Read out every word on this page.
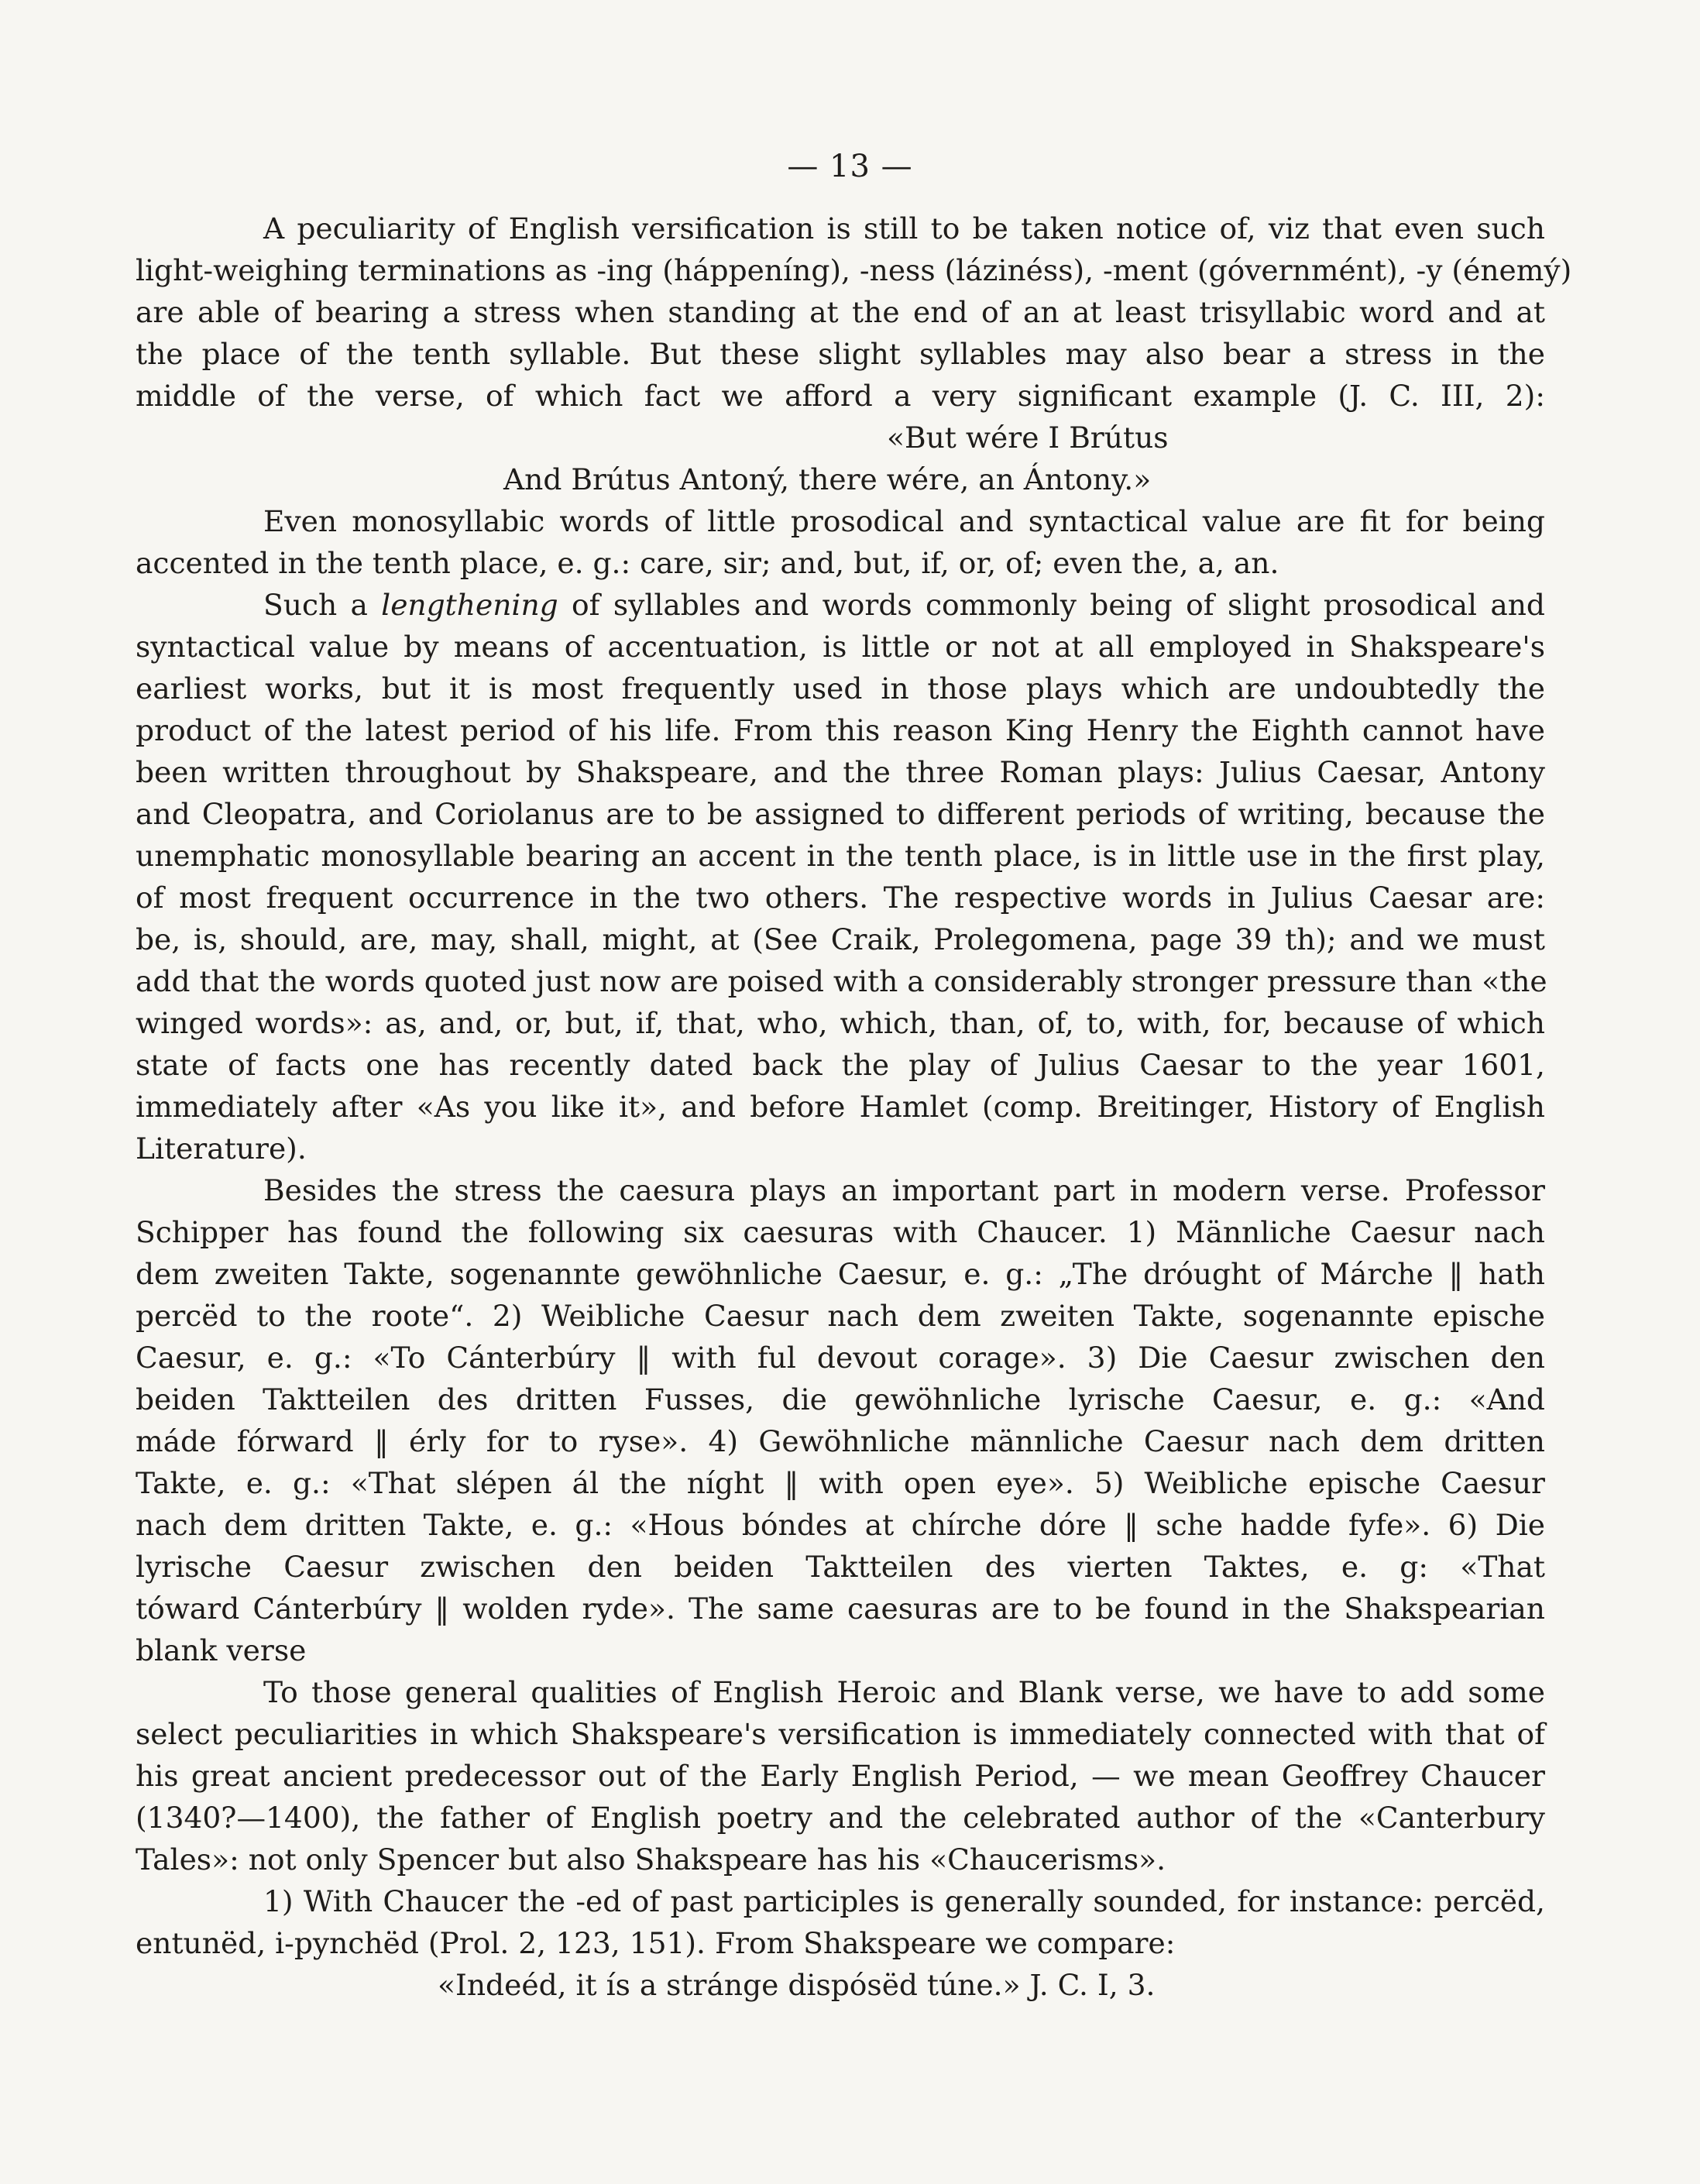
— 13 —
A peculiarity of English versification is still to be taken notice of, viz that even such
light-weighing terminations as -ing (háppeníng), -ness (lázinéss), -ment (góvernmént), -y (énemý)
are able of bearing a stress when standing at the end of an at least trisyllabic word and at
the place of the tenth syllable. But these slight syllables may also bear a stress in the
middle of the verse, of which fact we afford a very significant example (J. C. III, 2):
«But wére I Brútus
And Brútus Antoný, there wére, an Ántony.»
Even monosyllabic words of little prosodical and syntactical value are fit for being
accented in the tenth place, e. g.: care, sir; and, but, if, or, of; even the, a, an.
Such a lengthening of syllables and words commonly being of slight prosodical and
syntactical value by means of accentuation, is little or not at all employed in Shakspeare's
earliest works, but it is most frequently used in those plays which are undoubtedly the
product of the latest period of his life. From this reason King Henry the Eighth cannot have
been written throughout by Shakspeare, and the three Roman plays: Julius Caesar, Antony
and Cleopatra, and Coriolanus are to be assigned to different periods of writing, because the
unemphatic monosyllable bearing an accent in the tenth place, is in little use in the first play,
of most frequent occurrence in the two others. The respective words in Julius Caesar are:
be, is, should, are, may, shall, might, at (See Craik, Prolegomena, page 39 th); and we must
add that the words quoted just now are poised with a considerably stronger pressure than «the
winged words»: as, and, or, but, if, that, who, which, than, of, to, with, for, because of which
state of facts one has recently dated back the play of Julius Caesar to the year 1601,
immediately after «As you like it», and before Hamlet (comp. Breitinger, History of English
Literature).
Besides the stress the caesura plays an important part in modern verse. Professor
Schipper has found the following six caesuras with Chaucer. 1) Männliche Caesur nach
dem zweiten Takte, sogenannte gewöhnliche Caesur, e. g.: „The dróught of Márche ‖ hath
percëd to the roote“. 2) Weibliche Caesur nach dem zweiten Takte, sogenannte epische
Caesur, e. g.: «To Cánterbúry ‖ with ful devout corage». 3) Die Caesur zwischen den
beiden Taktteilen des dritten Fusses, die gewöhnliche lyrische Caesur, e. g.: «And
máde fórward ‖ érly for to ryse». 4) Gewöhnliche männliche Caesur nach dem dritten
Takte, e. g.: «That slépen ál the níght ‖ with open eye». 5) Weibliche epische Caesur
nach dem dritten Takte, e. g.: «Hous bóndes at chírche dóre ‖ sche hadde fyfe». 6) Die
lyrische Caesur zwischen den beiden Taktteilen des vierten Taktes, e. g: «That
tóward Cánterbúry ‖ wolden ryde». The same caesuras are to be found in the Shakspearian
blank verse
To those general qualities of English Heroic and Blank verse, we have to add some
select peculiarities in which Shakspeare's versification is immediately connected with that of
his great ancient predecessor out of the Early English Period, — we mean Geoffrey Chaucer
(1340?—1400), the father of English poetry and the celebrated author of the «Canterbury
Tales»: not only Spencer but also Shakspeare has his «Chaucerisms».
1) With Chaucer the -ed of past participles is generally sounded, for instance: percëd,
entunëd, i-pynchëd (Prol. 2, 123, 151). From Shakspeare we compare:
«Indeéd, it ís a stránge dispósëd túne.» J. C. I, 3.
